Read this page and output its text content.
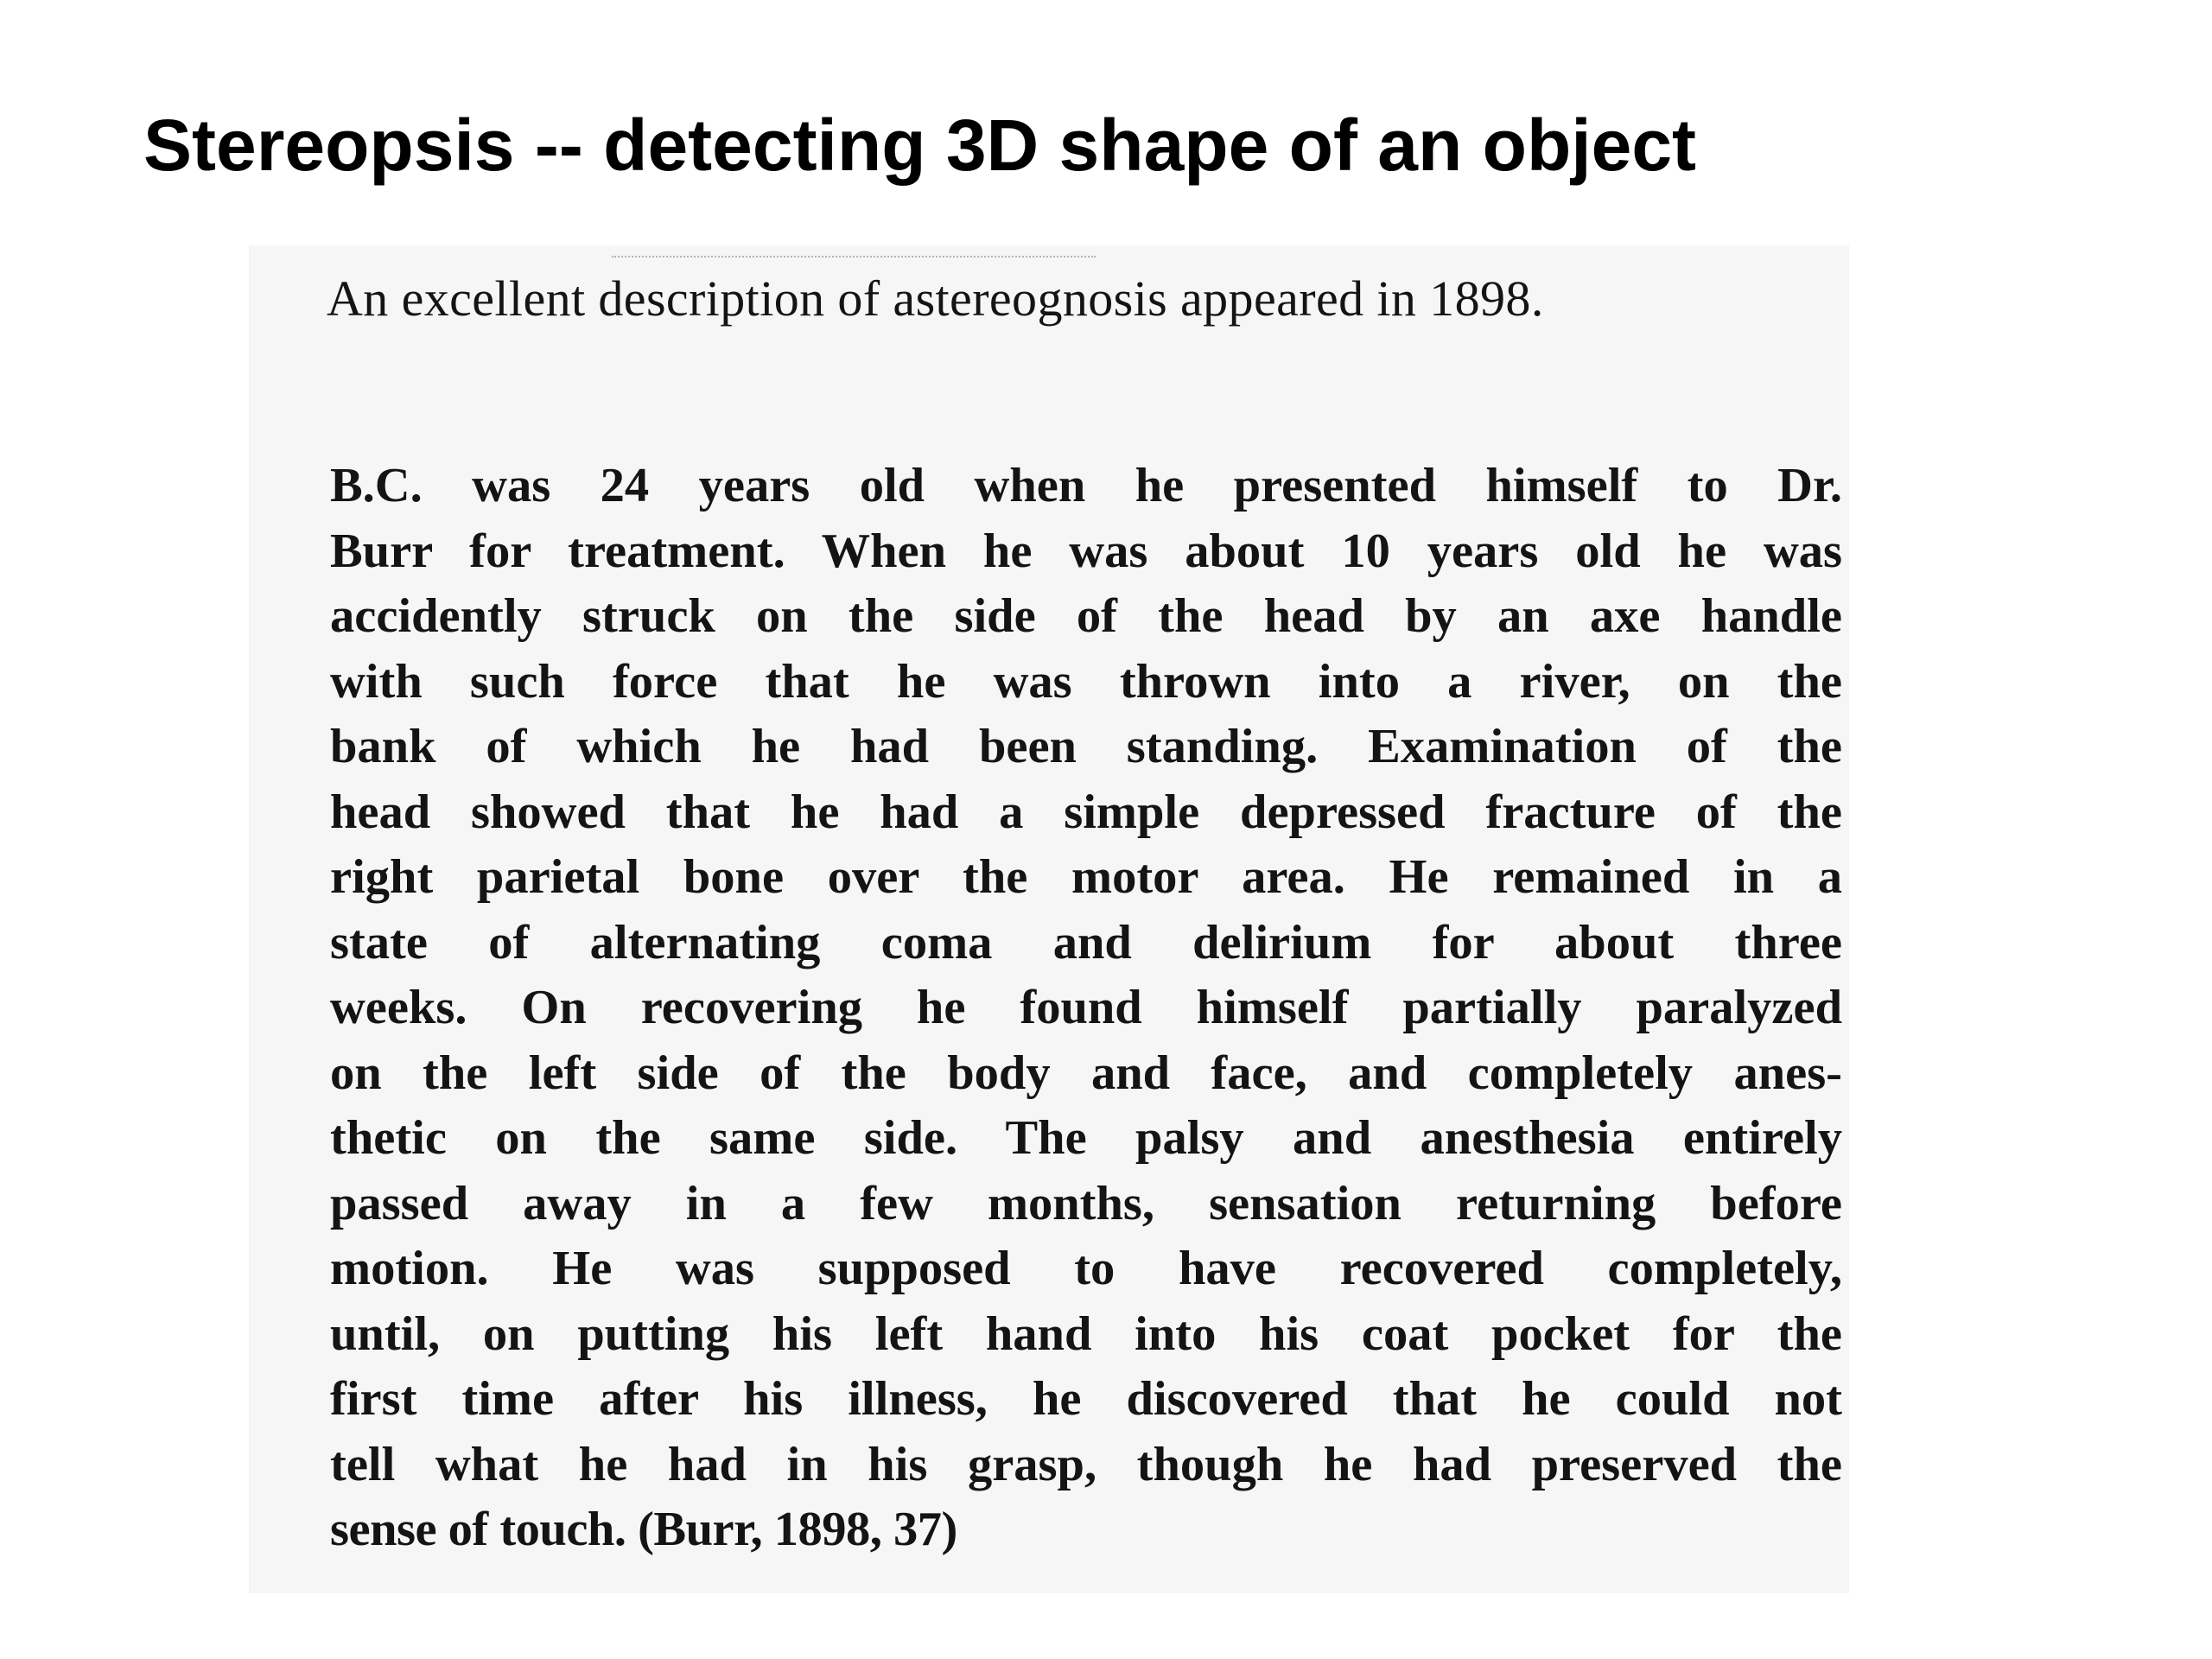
Stereopsis -- detecting 3D shape of an object

An excellent description of astereognosis appeared in 1898.

B.C. was 24 years old when he presented himself to Dr.
Burr for treatment. When he was about 10 years old he was
accidently struck on the side of the head by an axe handle
with such force that he was thrown into a river, on the
bank of which he had been standing. Examination of the
head showed that he had a simple depressed fracture of the
right parietal bone over the motor area. He remained in a
state of alternating coma and delirium for about three
weeks. On recovering he found himself partially paralyzed
on the left side of the body and face, and completely anes-
thetic on the same side. The palsy and anesthesia entirely
passed away in a few months, sensation returning before
motion. He was supposed to have recovered completely,
until, on putting his left hand into his coat pocket for the
first time after his illness, he discovered that he could not
tell what he had in his grasp, though he had preserved the
sense of touch. (Burr, 1898, 37)
